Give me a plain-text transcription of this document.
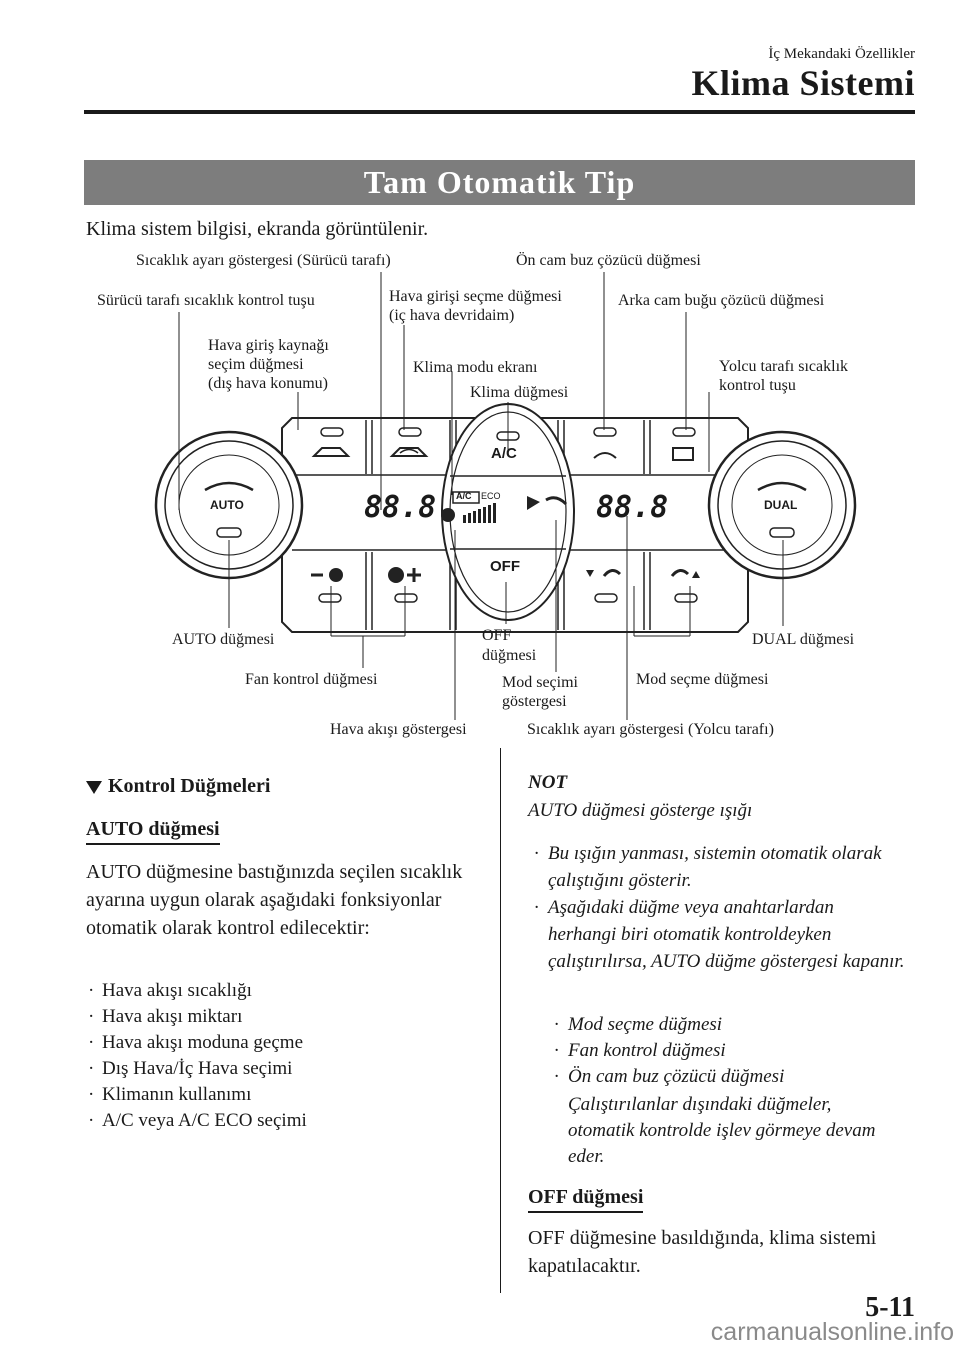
İç Mekandaki Özellikler
Klima Sistemi
Tam Otomatik Tip
Klima sistem bilgisi, ekranda görüntülenir.
AUTO	DUAL
A/C
OFF
88.8	88.8
A/C ECO
Sıcaklık ayarı göstergesi (Sürücü tarafı)	Ön cam buz çözücü düğmesi
Sürücü tarafı sıcaklık kontrol tuşu	Hava girişi seçme düğmesi
(iç hava devridaim)
Arka cam buğu çözücü düğmesi
Hava giriş kaynağı
seçim düğmesi
(dış hava konumu)
Klima modu ekranı	Yolcu tarafı sıcaklık
kontrol tuşu
Klima düğmesi
AUTO düğmesi	OFF
düğmesi
DUAL düğmesi
Fan kontrol düğmesi	Mod seçimi
göstergesi
Mod seçme düğmesi
Hava akışı göstergesi	Sıcaklık ayarı göstergesi (Yolcu tarafı)
Kontrol Düğmeleri
AUTO düğmesi
AUTO düğmesine bastığınızda seçilen sıcaklık ayarına uygun olarak aşağıdaki fonksiyonlar otomatik olarak kontrol edilecektir:
· Hava akışı sıcaklığı
· Hava akışı miktarı
· Hava akışı moduna geçme
· Dış Hava/İç Hava seçimi
· Klimanın kullanımı
· A/C veya A/C ECO seçimi
NOT
AUTO düğmesi gösterge ışığı
· Bu ışığın yanması, sistemin otomatik olarak çalıştığını gösterir.
· Aşağıdaki düğme veya anahtarlardan herhangi biri otomatik kontroldeyken çalıştırılırsa, AUTO düğme göstergesi kapanır.
· Mod seçme düğmesi
· Fan kontrol düğmesi
· Ön cam buz çözücü düğmesi
Çalıştırılanlar dışındaki düğmeler, otomatik kontrolde işlev görmeye devam eder.
OFF düğmesi
OFF düğmesine basıldığında, klima sistemi kapatılacaktır.
5-11
carmanualsonline.info
